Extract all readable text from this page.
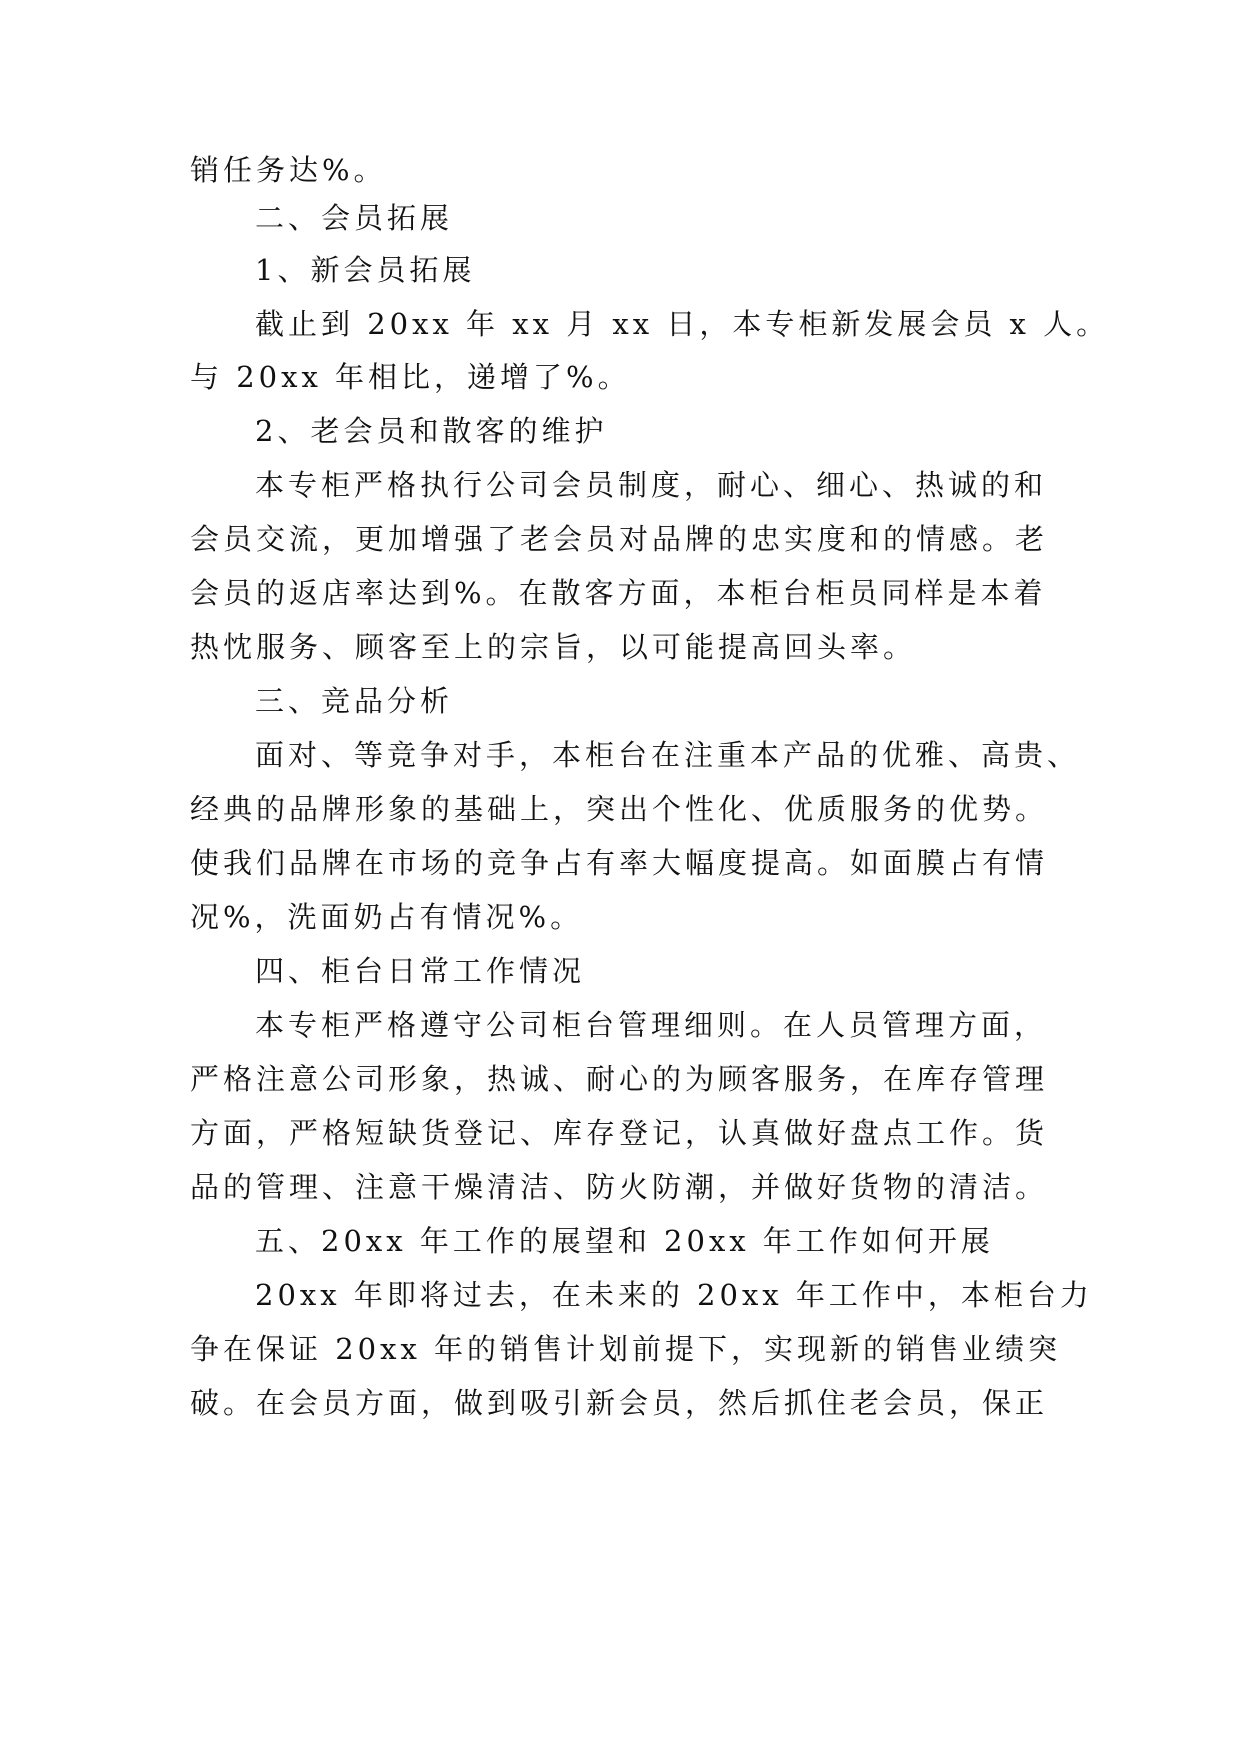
销任务达%。
二、会员拓展
1、新会员拓展
截止到 20xx 年 xx 月 xx 日，本专柜新发展会员 x 人。
与 20xx 年相比，递增了%。
2、老会员和散客的维护
本专柜严格执行公司会员制度，耐心、细心、热诚的和
会员交流，更加增强了老会员对品牌的忠实度和的情感。老
会员的返店率达到%。在散客方面，本柜台柜员同样是本着
热忱服务、顾客至上的宗旨，以可能提高回头率。
三、竞品分析
面对、等竞争对手，本柜台在注重本产品的优雅、高贵、
经典的品牌形象的基础上，突出个性化、优质服务的优势。
使我们品牌在市场的竞争占有率大幅度提高。如面膜占有情
况%，洗面奶占有情况%。
四、柜台日常工作情况
本专柜严格遵守公司柜台管理细则。在人员管理方面，
严格注意公司形象，热诚、耐心的为顾客服务，在库存管理
方面，严格短缺货登记、库存登记，认真做好盘点工作。货
品的管理、注意干燥清洁、防火防潮，并做好货物的清洁。
五、20xx 年工作的展望和 20xx 年工作如何开展
20xx 年即将过去，在未来的 20xx 年工作中，本柜台力
争在保证 20xx 年的销售计划前提下，实现新的销售业绩突
破。在会员方面，做到吸引新会员，然后抓住老会员，保正
